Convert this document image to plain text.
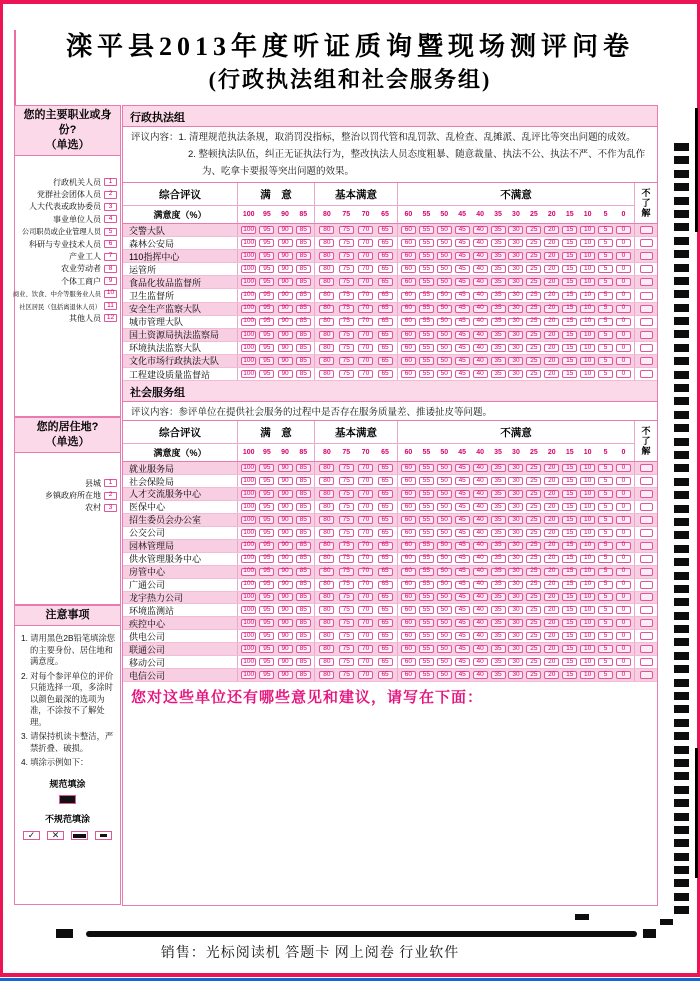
滦平县2013年度听证质询暨现场测评问卷
(行政执法组和社会服务组)
您的主要职业或身份?
（单选）
行政机关人员	1
党群社会团体人员	2
人大代表或政协委员	3
事业单位人员	4
公司职员或企业管理人员	5
科研与专业技术人员	6
产业工人	7
农业劳动者	8
个体工商户	9
商业、饮食、中介等服务业人员 10
社区居民（包括离退休人员） 11
其他人员 12
您的居住地?
（单选）
县城	1
乡镇政府所在地	2
农村	3
注意事项
1. 请用黑色2B铅笔填涂您的主要身份、居住地和满意度。
2. 对每个参评单位的评价只能选择一项，多涂时以颜色最深的选项为准，不涂按不了解处理。
3. 请保持机读卡整洁，严禁折叠、破损。
4. 填涂示例如下：
规范填涂
不规范填涂
✓	✕
行政执法组
评议内容：1. 清理规范执法条规，取消罚没指标，整治以罚代管和乱罚款、乱检查、乱摊派、乱评比等突出问题的成效。
2. 整顿执法队伍，纠正无证执法行为，整改执法人员态度粗暴、随意裁量、执法不公、执法不严、不作为乱作
为、吃拿卡要报等突出问题的效果。
综合评议	满　意	基本满意	不满意	不了解
满意度（%）	100	95	90	85	80	75	70	65	60	55	50	45	40	35	30	25	20	15	10	5	0
交警大队	100	95	90	85	80	75	70	65	60	55	50	45	40	35	30	25	20	15	10	5	0
森林公安局	100	95	90	85	80	75	70	65	60	55	50	45	40	35	30	25	20	15	10	5	0
110指挥中心	100	95	90	85	80	75	70	65	60	55	50	45	40	35	30	25	20	15	10	5	0
运管所	100	95	90	85	80	75	70	65	60	55	50	45	40	35	30	25	20	15	10	5	0
食品化妆品监督所	100	95	90	85	80	75	70	65	60	55	50	45	40	35	30	25	20	15	10	5	0
卫生监督所	100	95	90	85	80	75	70	65	60	55	50	45	40	35	30	25	20	15	10	5	0
安全生产监察大队	100	95	90	85	80	75	70	65	60	55	50	45	40	35	30	25	20	15	10	5	0
城市管理大队	100	95	90	85	80	75	70	65	60	55	50	45	40	35	30	25	20	15	10	5	0
国土资源局执法监察局	100	95	90	85	80	75	70	65	60	55	50	45	40	35	30	25	20	15	10	5	0
环境执法监察大队	100	95	90	85	80	75	70	65	60	55	50	45	40	35	30	25	20	15	10	5	0
文化市场行政执法大队	100	95	90	85	80	75	70	65	60	55	50	45	40	35	30	25	20	15	10	5	0
工程建设质量监督站	100	95	90	85	80	75	70	65	60	55	50	45	40	35	30	25	20	15	10	5	0
社会服务组
评议内容：参评单位在提供社会服务的过程中是否存在服务质量差、推诿扯皮等问题。
综合评议	满　意	基本满意	不满意	不了解
满意度（%）	100	95	90	85	80	75	70	65	60	55	50	45	40	35	30	25	20	15	10	5	0
就业服务局	100	95	90	85	80	75	70	65	60	55	50	45	40	35	30	25	20	15	10	5	0
社会保险局	100	95	90	85	80	75	70	65	60	55	50	45	40	35	30	25	20	15	10	5	0
人才交流服务中心	100	95	90	85	80	75	70	65	60	55	50	45	40	35	30	25	20	15	10	5	0
医保中心	100	95	90	85	80	75	70	65	60	55	50	45	40	35	30	25	20	15	10	5	0
招生委员会办公室	100	95	90	85	80	75	70	65	60	55	50	45	40	35	30	25	20	15	10	5	0
公交公司	100	95	90	85	80	75	70	65	60	55	50	45	40	35	30	25	20	15	10	5	0
园林管理局	100	95	90	85	80	75	70	65	60	55	50	45	40	35	30	25	20	15	10	5	0
供水管理服务中心	100	95	90	85	80	75	70	65	60	55	50	45	40	35	30	25	20	15	10	5	0
房管中心	100	95	90	85	80	75	70	65	60	55	50	45	40	35	30	25	20	15	10	5	0
广通公司	100	95	90	85	80	75	70	65	60	55	50	45	40	35	30	25	20	15	10	5	0
龙宇热力公司	100	95	90	85	80	75	70	65	60	55	50	45	40	35	30	25	20	15	10	5	0
环境监测站	100	95	90	85	80	75	70	65	60	55	50	45	40	35	30	25	20	15	10	5	0
疾控中心	100	95	90	85	80	75	70	65	60	55	50	45	40	35	30	25	20	15	10	5	0
供电公司	100	95	90	85	80	75	70	65	60	55	50	45	40	35	30	25	20	15	10	5	0
联通公司	100	95	90	85	80	75	70	65	60	55	50	45	40	35	30	25	20	15	10	5	0
移动公司	100	95	90	85	80	75	70	65	60	55	50	45	40	35	30	25	20	15	10	5	0
电信公司	100	95	90	85	80	75	70	65	60	55	50	45	40	35	30	25	20	15	10	5	0
您对这些单位还有哪些意见和建议，请写在下面：
销售：光标阅读机 答题卡 网上阅卷 行业软件
